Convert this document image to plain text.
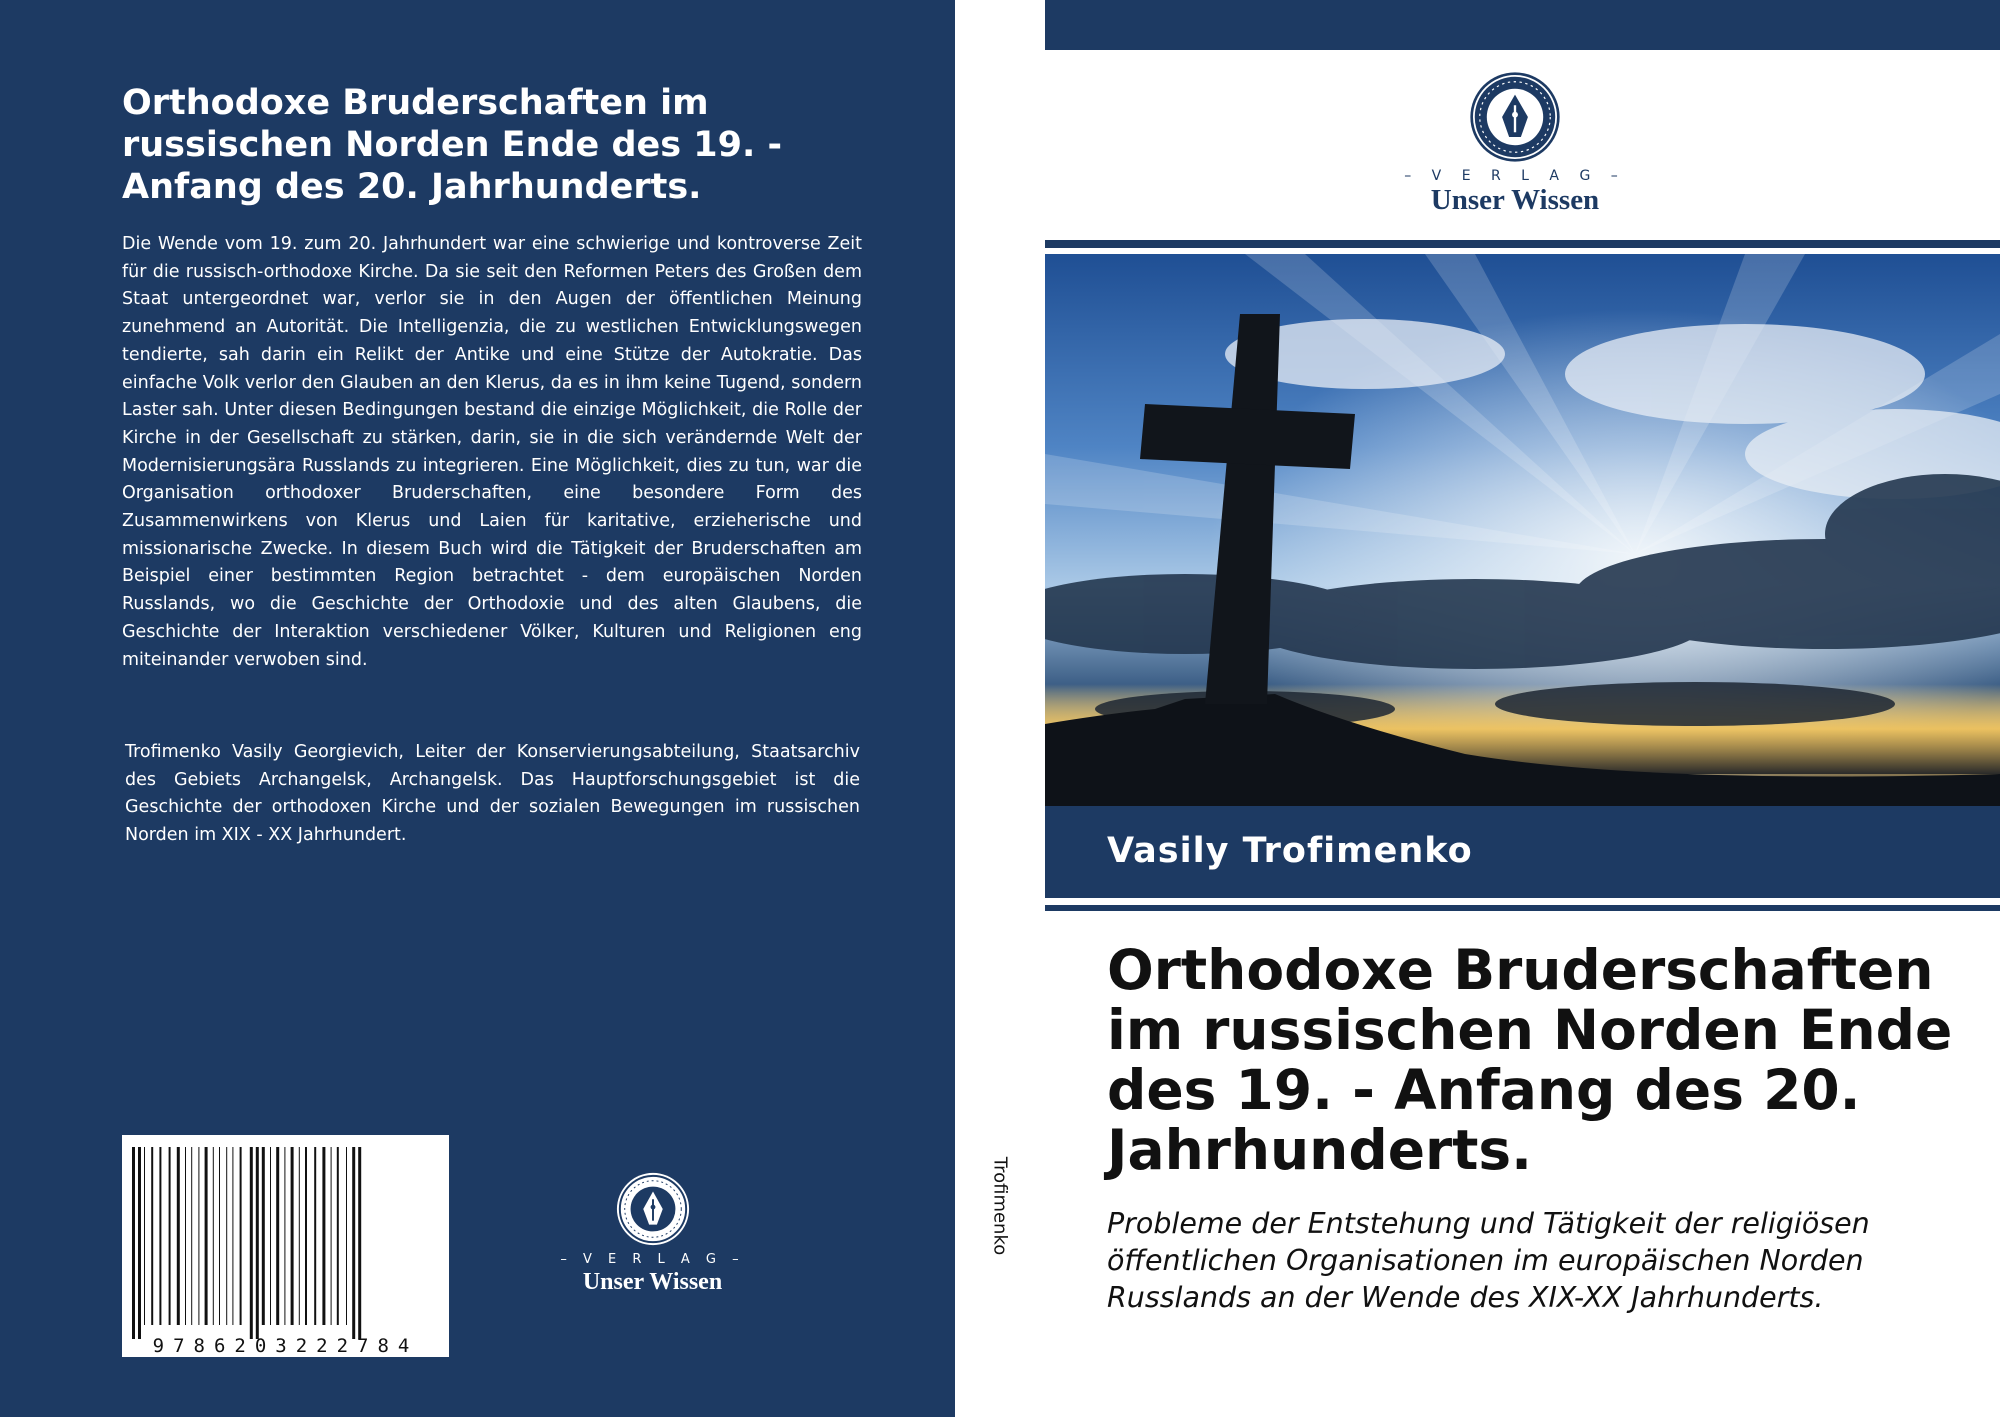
Orthodoxe Bruderschaften im russischen Norden Ende des 19. - Anfang des 20. Jahrhunderts.

Die Wende vom 19. zum 20. Jahrhundert war eine schwierige und kontroverse Zeit für die russisch-orthodoxe Kirche. Da sie seit den Reformen Peters des Großen dem Staat untergeordnet war, verlor sie in den Augen der öffentlichen Meinung zunehmend an Autorität. Die Intelligenzia, die zu westlichen Entwicklungswegen tendierte, sah darin ein Relikt der Antike und eine Stütze der Autokratie. Das einfache Volk verlor den Glauben an den Klerus, da es in ihm keine Tugend, sondern Laster sah. Unter diesen Bedingungen bestand die einzige Möglichkeit, die Rolle der Kirche in der Gesellschaft zu stärken, darin, sie in die sich verändernde Welt der Modernisierungsära Russlands zu integrieren. Eine Möglichkeit, dies zu tun, war die Organisation orthodoxer Bruderschaften, eine besondere Form des Zusammenwirkens von Klerus und Laien für karitative, erzieherische und missionarische Zwecke. In diesem Buch wird die Tätigkeit der Bruderschaften am Beispiel einer bestimmten Region betrachtet - dem europäischen Norden Russlands, wo die Geschichte der Orthodoxie und des alten Glaubens, die Geschichte der Interaktion verschiedener Völker, Kulturen und Religionen eng miteinander verwoben sind.

Trofimenko Vasily Georgievich, Leiter der Konservierungsabteilung, Staatsarchiv des Gebiets Archangelsk, Archangelsk. Das Hauptforschungsgebiet ist die Geschichte der orthodoxen Kirche und der sozialen Bewegungen im russischen Norden im XIX - XX Jahrhundert.

9786203222784
– V E R L A G –
Unser Wissen
Trofimenko
– V E R L A G –
Unser Wissen
Vasily Trofimenko
Orthodoxe Bruderschaften im russischen Norden Ende des 19. - Anfang des 20. Jahrhunderts.

Probleme der Entstehung und Tätigkeit der religiösen öffentlichen Organisationen im europäischen Norden Russlands an der Wende des XIX-XX Jahrhunderts.
